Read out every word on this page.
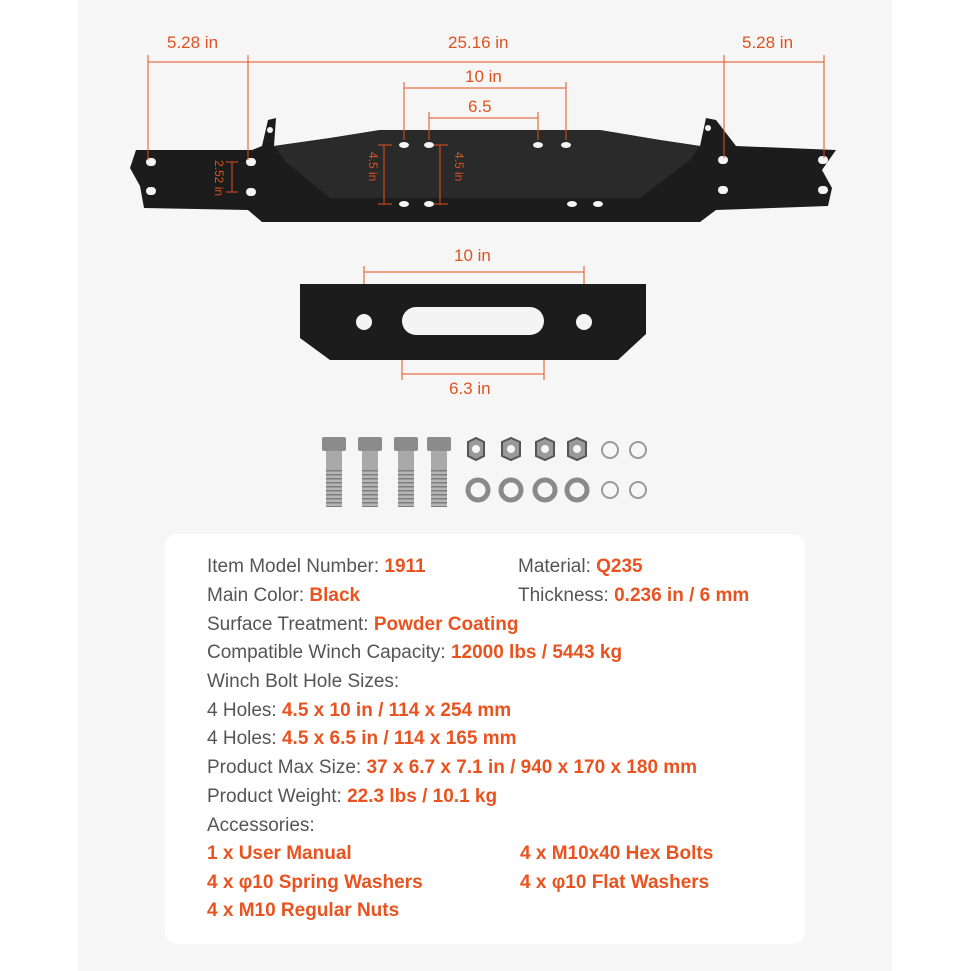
5.28 in	25.16 in	5.28 in
10 in
6.5
4.5 in	4.5 in
2.52 in
10 in
6.3 in
Item Model Number: 1911	Material: Q235
Main Color: Black	Thickness: 0.236 in / 6 mm
Surface Treatment: Powder Coating
Compatible Winch Capacity: 12000 lbs / 5443 kg
Winch Bolt Hole Sizes:
4 Holes: 4.5 x 10 in / 114 x 254 mm
4 Holes: 4.5 x 6.5 in / 114 x 165 mm
Product Max Size: 37 x 6.7 x 7.1 in / 940 x 170 x 180 mm
Product Weight: 22.3 lbs / 10.1 kg
Accessories:
1 x User Manual	4 x M10x40 Hex Bolts
4 x φ10 Spring Washers	4 x φ10 Flat Washers
4 x M10 Regular Nuts
